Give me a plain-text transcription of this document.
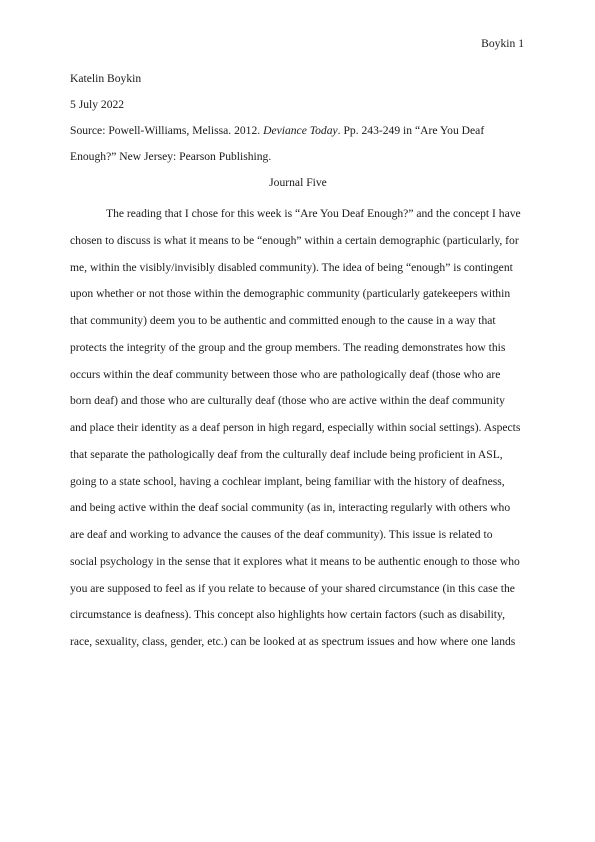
Boykin 1
Katelin Boykin
5 July 2022
Source: Powell-Williams, Melissa. 2012. Deviance Today. Pp. 243-249 in “Are You Deaf
Enough?” New Jersey: Pearson Publishing.
Journal Five
The reading that I chose for this week is “Are You Deaf Enough?” and the concept I have
chosen to discuss is what it means to be “enough” within a certain demographic (particularly, for
me, within the visibly/invisibly disabled community). The idea of being “enough” is contingent
upon whether or not those within the demographic community (particularly gatekeepers within
that community) deem you to be authentic and committed enough to the cause in a way that
protects the integrity of the group and the group members. The reading demonstrates how this
occurs within the deaf community between those who are pathologically deaf (those who are
born deaf) and those who are culturally deaf (those who are active within the deaf community
and place their identity as a deaf person in high regard, especially within social settings). Aspects
that separate the pathologically deaf from the culturally deaf include being proficient in ASL,
going to a state school, having a cochlear implant, being familiar with the history of deafness,
and being active within the deaf social community (as in, interacting regularly with others who
are deaf and working to advance the causes of the deaf community). This issue is related to
social psychology in the sense that it explores what it means to be authentic enough to those who
you are supposed to feel as if you relate to because of your shared circumstance (in this case the
circumstance is deafness). This concept also highlights how certain factors (such as disability,
race, sexuality, class, gender, etc.) can be looked at as spectrum issues and how where one lands
